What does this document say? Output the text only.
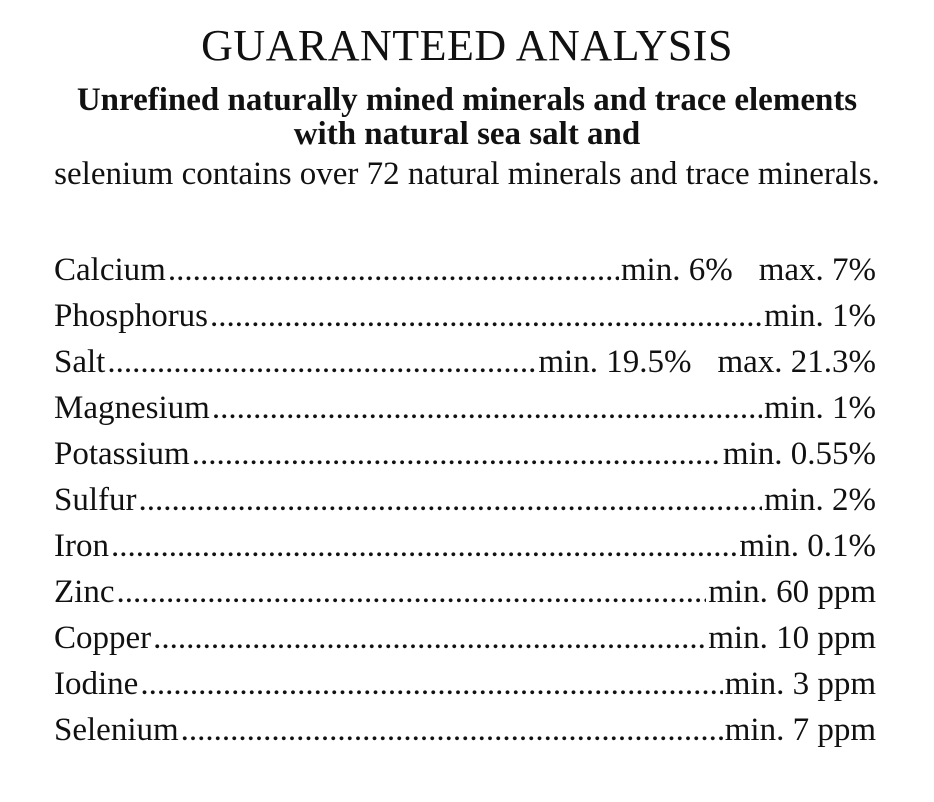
GUARANTEED ANALYSIS
Unrefined naturally mined minerals and trace elements
with natural sea salt and
selenium contains over 72 natural minerals and trace minerals.
Calcium .....	min. 6% max. 7%
Phosphorus .....	min. 1%
Salt .....	min. 19.5% max. 21.3%
Magnesium .....	min. 1%
Potassium .....	min. 0.55%
Sulfur .....	min. 2%
Iron .....	min. 0.1%
Zinc .....	min. 60 ppm
Copper .....	min. 10 ppm
Iodine .....	min. 3 ppm
Selenium .....	min. 7 ppm
